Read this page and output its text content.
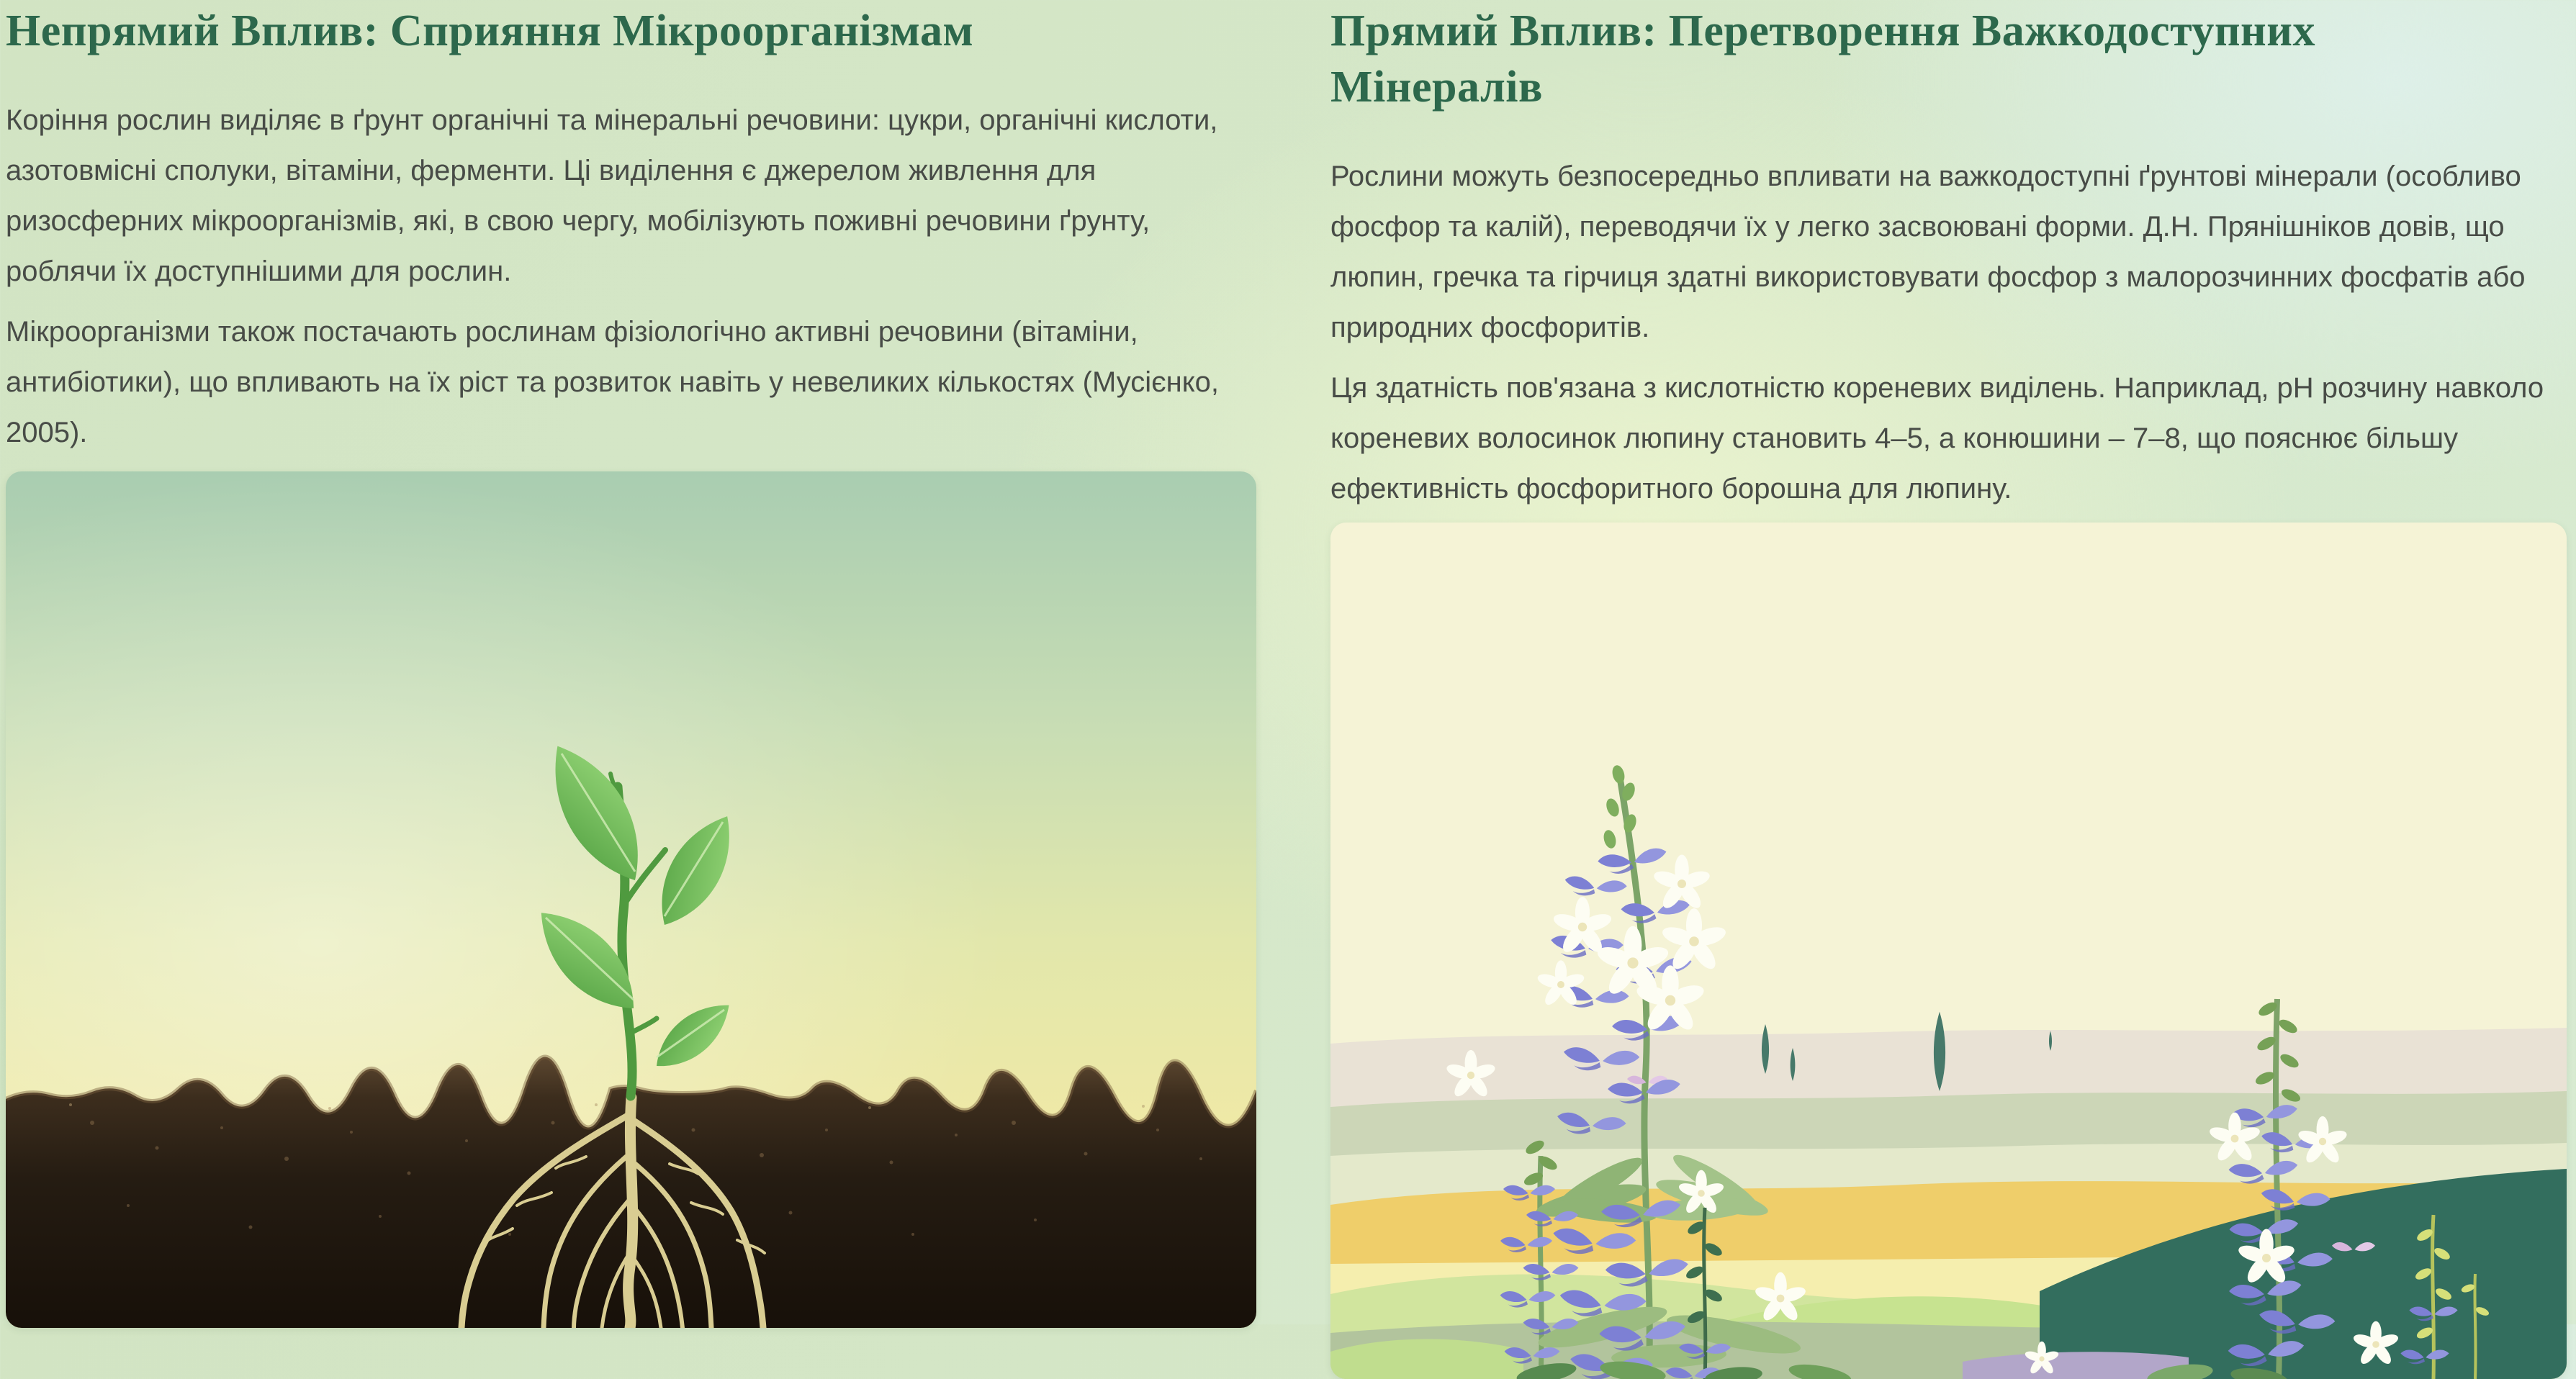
Непрямий Вплив: Сприяння Мікроорганізмам

Коріння рослин виділяє в ґрунт органічні та мінеральні речовини: цукри, органічні кислоти, азотовмісні сполуки, вітаміни, ферменти. Ці виділення є джерелом живлення для ризосферних мікроорганізмів, які, в свою чергу, мобілізують поживні речовини ґрунту, роблячи їх доступнішими для рослин.

Мікроорганізми також постачають рослинам фізіологічно активні речовини (вітаміни, антибіотики), що впливають на їх ріст та розвиток навіть у невеликих кількостях (Мусієнко, 2005).

Прямий Вплив: Перетворення Важкодоступних Мінералів

Рослини можуть безпосередньо впливати на важкодоступні ґрунтові мінерали (особливо фосфор та калій), переводячи їх у легко засвоювані форми. Д.Н. Прянішніков довів, що люпин, гречка та гірчиця здатні використовувати фосфор з малорозчинних фосфатів або природних фосфоритів.

Ця здатність пов'язана з кислотністю кореневих виділень. Наприклад, pH розчину навколо кореневих волосинок люпину становить 4–5, а конюшини – 7–8, що пояснює більшу ефективність фосфоритного борошна для люпину.
